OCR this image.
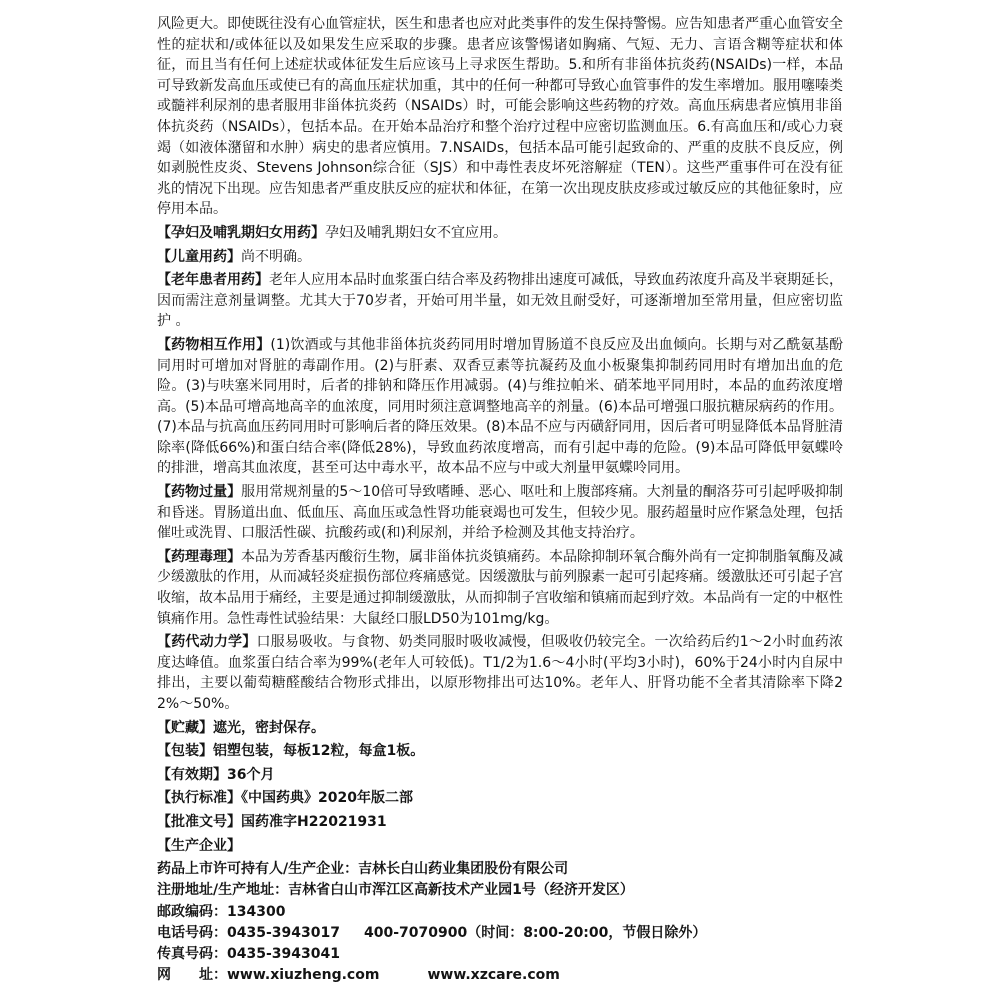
风险更大。即使既往没有心血管症状，医生和患者也应对此类事件的发生保持警惕。应告知患者严重心血管安全性的症状和/或体征以及如果发生应采取的步骤。患者应该警惕诸如胸痛、气短、无力、言语含糊等症状和体征，而且当有任何上述症状或体征发生后应该马上寻求医生帮助。5.和所有非甾体抗炎药(NSAIDs)一样，本品可导致新发高血压或使已有的高血压症状加重，其中的任何一种都可导致心血管事件的发生率增加。服用噻嗪类或髓袢利尿剂的患者服用非甾体抗炎药（NSAIDs）时，可能会影响这些药物的疗效。高血压病患者应慎用非甾体抗炎药（NSAIDs），包括本品。在开始本品治疗和整个治疗过程中应密切监测血压。6.有高血压和/或心力衰竭（如液体潴留和水肿）病史的患者应慎用。7.NSAIDs，包括本品可能引起致命的、严重的皮肤不良反应，例如剥脱性皮炎、Stevens Johnson综合征（SJS）和中毒性表皮坏死溶解症（TEN）。这些严重事件可在没有征兆的情况下出现。应告知患者严重皮肤反应的症状和体征，在第一次出现皮肤皮疹或过敏反应的其他征象时，应停用本品。

【孕妇及哺乳期妇女用药】孕妇及哺乳期妇女不宜应用。

【儿童用药】尚不明确。

【老年患者用药】老年人应用本品时血浆蛋白结合率及药物排出速度可减低，导致血药浓度升高及半衰期延长，因而需注意剂量调整。尤其大于70岁者，开始可用半量，如无效且耐受好，可逐渐增加至常用量，但应密切监护 。

【药物相互作用】(1)饮酒或与其他非甾体抗炎药同用时增加胃肠道不良反应及出血倾向。长期与对乙酰氨基酚同用时可增加对肾脏的毒副作用。(2)与肝素、双香豆素等抗凝药及血小板聚集抑制药同用时有增加出血的危险。(3)与呋塞米同用时，后者的排钠和降压作用减弱。(4)与维拉帕米、硝苯地平同用时，本品的血药浓度增高。(5)本品可增高地高辛的血浓度，同用时须注意调整地高辛的剂量。(6)本品可增强口服抗糖尿病药的作用。(7)本品与抗高血压药同用时可影响后者的降压效果。(8)本品不应与丙磺舒同用，因后者可明显降低本品肾脏清除率(降低66%)和蛋白结合率(降低28%)，导致血药浓度增高，而有引起中毒的危险。(9)本品可降低甲氨蝶呤的排泄，增高其血浓度，甚至可达中毒水平，故本品不应与中或大剂量甲氨蝶呤同用。

【药物过量】服用常规剂量的5～10倍可导致嗜睡、恶心、呕吐和上腹部疼痛。大剂量的酮洛芬可引起呼吸抑制和昏迷。胃肠道出血、低血压、高血压或急性肾功能衰竭也可发生，但较少见。服药超量时应作紧急处理，包括催吐或洗胃、口服活性碳、抗酸药或(和)利尿剂，并给予检测及其他支持治疗。

【药理毒理】本品为芳香基丙酸衍生物，属非甾体抗炎镇痛药。本品除抑制环氧合酶外尚有一定抑制脂氧酶及减少缓激肽的作用，从而减轻炎症损伤部位疼痛感觉。因缓激肽与前列腺素一起可引起疼痛。缓激肽还可引起子宫收缩，故本品用于痛经，主要是通过抑制缓激肽，从而抑制子宫收缩和镇痛而起到疗效。本品尚有一定的中枢性镇痛作用。急性毒性试验结果：大鼠经口服LD50为101mg/kg。

【药代动力学】口服易吸收。与食物、奶类同服时吸收减慢，但吸收仍较完全。一次给药后约1～2小时血药浓度达峰值。血浆蛋白结合率为99%(老年人可较低)。T1/2为1.6～4小时(平均3小时)，60%于24小时内自尿中排出，主要以葡萄糖醛酸结合物形式排出，以原形物排出可达10%。老年人、肝肾功能不全者其清除率下降22%～50%。

【贮藏】遮光，密封保存。

【包装】铝塑包装，每板12粒，每盒1板。

【有效期】36个月

【执行标准】《中国药典》2020年版二部

【批准文号】国药准字H22021931

【生产企业】

药品上市许可持有人/生产企业：吉林长白山药业集团股份有限公司
注册地址/生产地址：吉林省白山市浑江区高新技术产业园1号（经济开发区）
邮政编码：134300
电话号码：0435-3943017 400-7070900（时间：8:00-20:00，节假日除外）
传真号码：0435-3943041
网　　址：www.xiuzheng.com	www.xzcare.com
